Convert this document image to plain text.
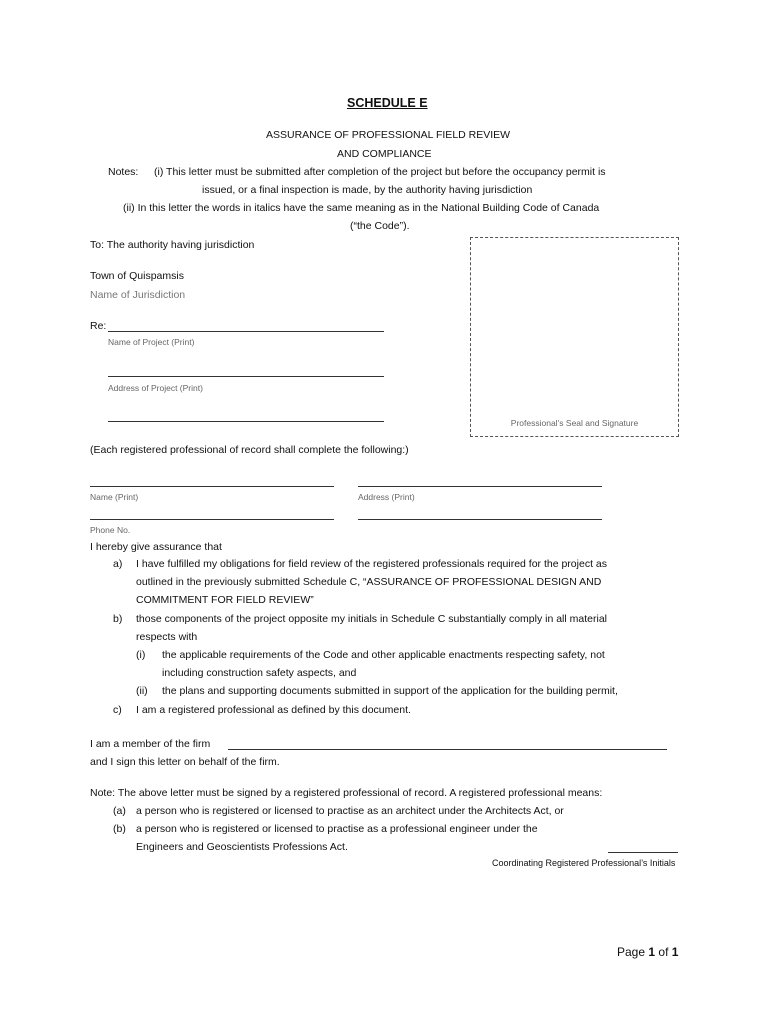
SCHEDULE E
ASSURANCE OF PROFESSIONAL FIELD REVIEW
AND COMPLIANCE
Notes: (i) This letter must be submitted after completion of the project but before the occupancy permit is
issued, or a final inspection is made, by the authority having jurisdiction
(ii) In this letter the words in italics have the same meaning as in the National Building Code of Canada
(“the Code”).
Professional’s Seal and Signature
To: The authority having jurisdiction
Town of Quispamsis
Name of Jurisdiction
Re:
Name of Project (Print)
Address of Project (Print)
(Each registered professional of record shall complete the following:)
Name (Print)	Address (Print)
Phone No.
I hereby give assurance that
a) I have fulfilled my obligations for field review of the registered professionals required for the project as
outlined in the previously submitted Schedule C, “ASSURANCE OF PROFESSIONAL DESIGN AND
COMMITMENT FOR FIELD REVIEW”
b) those components of the project opposite my initials in Schedule C substantially comply in all material
respects with
(i) the applicable requirements of the Code and other applicable enactments respecting safety, not
including construction safety aspects, and
(ii) the plans and supporting documents submitted in support of the application for the building permit,
c) I am a registered professional as defined by this document.
I am a member of the firm
and I sign this letter on behalf of the firm.
Note: The above letter must be signed by a registered professional of record. A registered professional means:
(a) a person who is registered or licensed to practise as an architect under the Architects Act, or
(b) a person who is registered or licensed to practise as a professional engineer under the
Engineers and Geoscientists Professions Act.
Coordinating Registered Professional’s Initials
Page 1 of 1
